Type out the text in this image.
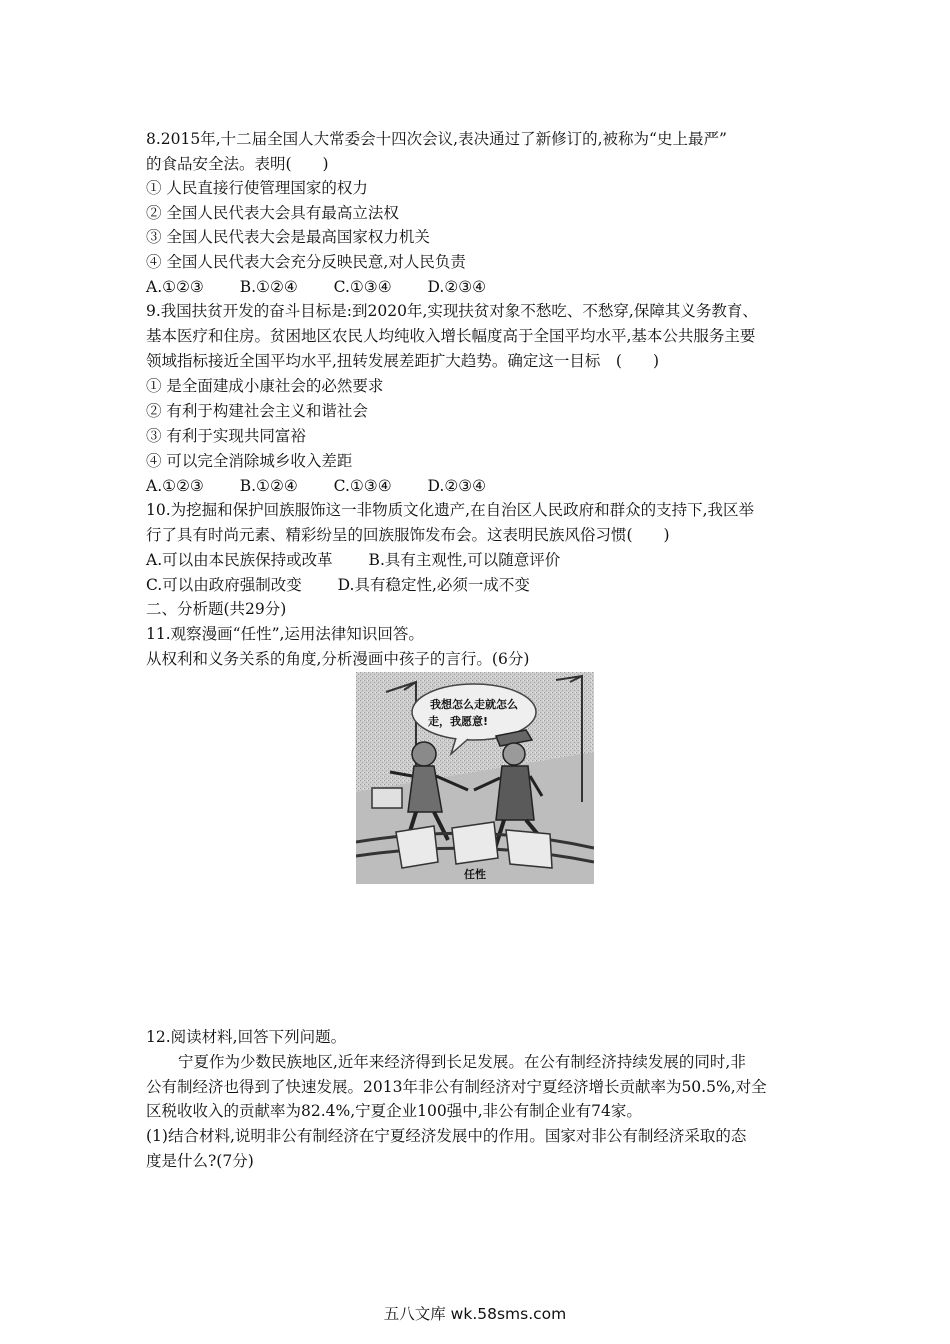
8.2015年,十二届全国人大常委会十四次会议,表决通过了新修订的,被称为“史上最严”
的食品安全法。表明(　　)
① 人民直接行使管理国家的权力
② 全国人民代表大会具有最高立法权
③ 全国人民代表大会是最高国家权力机关
④ 全国人民代表大会充分反映民意,对人民负责
A.①②③　　 B.①②④　　 C.①③④　　 D.②③④
9.我国扶贫开发的奋斗目标是:到2020年,实现扶贫对象不愁吃、不愁穿,保障其义务教育、
基本医疗和住房。贫困地区农民人均纯收入增长幅度高于全国平均水平,基本公共服务主要
领域指标接近全国平均水平,扭转发展差距扩大趋势。确定这一目标　(　　)
① 是全面建成小康社会的必然要求
② 有利于构建社会主义和谐社会
③ 有利于实现共同富裕
④ 可以完全消除城乡收入差距
A.①②③　　 B.①②④　　 C.①③④　　 D.②③④
10.为挖掘和保护回族服饰这一非物质文化遗产,在自治区人民政府和群众的支持下,我区举
行了具有时尚元素、精彩纷呈的回族服饰发布会。这表明民族风俗习惯(　　)
A.可以由本民族保持或改革　　 B.具有主观性,可以随意评价
C.可以由政府强制改变　　 D.具有稳定性,必须一成不变
二、分析题(共29分)
11.观察漫画“任性”,运用法律知识回答。
从权利和义务关系的角度,分析漫画中孩子的言行。(6分)
我想怎么走就怎么
走，我愿意!
任性
12.阅读材料,回答下列问题。
宁夏作为少数民族地区,近年来经济得到长足发展。在公有制经济持续发展的同时,非
公有制经济也得到了快速发展。2013年非公有制经济对宁夏经济增长贡献率为50.5%,对全
区税收收入的贡献率为82.4%,宁夏企业100强中,非公有制企业有74家。
(1)结合材料,说明非公有制经济在宁夏经济发展中的作用。国家对非公有制经济采取的态
度是什么?(7分)
五八文库 wk.58sms.com
